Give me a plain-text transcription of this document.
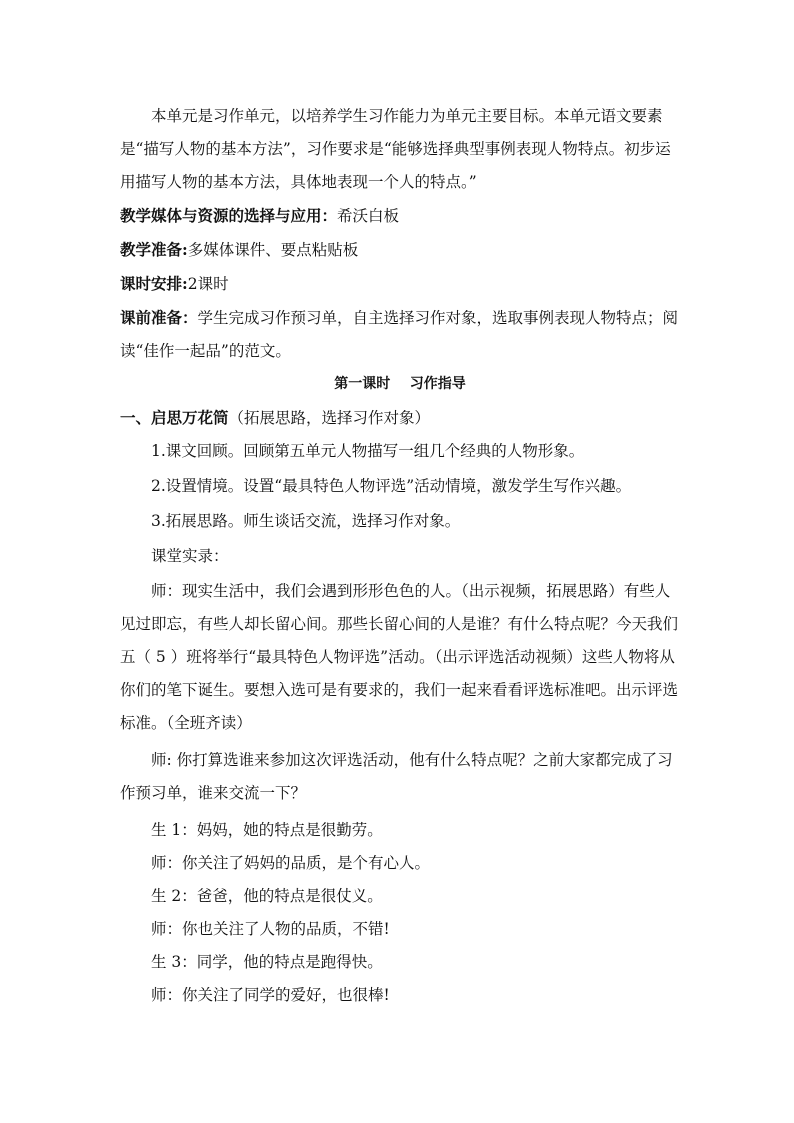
本单元是习作单元，以培养学生习作能力为单元主要目标。本单元语文要素是“描写人物的基本方法”，习作要求是“能够选择典型事例表现人物特点。初步运用描写人物的基本方法，具体地表现一个人的特点。”

教学媒体与资源的选择与应用：希沃白板

教学准备:多媒体课件、要点粘贴板

课时安排:2课时

课前准备：学生完成习作预习单，自主选择习作对象，选取事例表现人物特点；阅读“佳作一起品”的范文。

第一课时    习作指导

一、启思万花筒（拓展思路，选择习作对象）

1.课文回顾。回顾第五单元人物描写一组几个经典的人物形象。

2.设置情境。设置“最具特色人物评选”活动情境，激发学生写作兴趣。

3.拓展思路。师生谈话交流，选择习作对象。

课堂实录：

师：现实生活中，我们会遇到形形色色的人。（出示视频，拓展思路）有些人见过即忘，有些人却长留心间。那些长留心间的人是谁？有什么特点呢？今天我们五（ 5 ）班将举行“最具特色人物评选”活动。（出示评选活动视频）这些人物将从你们的笔下诞生。要想入选可是有要求的，我们一起来看看评选标准吧。出示评选标准。（全班齐读）

师: 你打算选谁来参加这次评选活动，他有什么特点呢？之前大家都完成了习作预习单，谁来交流一下？

生 1：妈妈，她的特点是很勤劳。

师：你关注了妈妈的品质，是个有心人。

生 2：爸爸，他的特点是很仗义。

师：你也关注了人物的品质，不错!

生 3：同学，他的特点是跑得快。

师：你关注了同学的爱好，也很棒!
